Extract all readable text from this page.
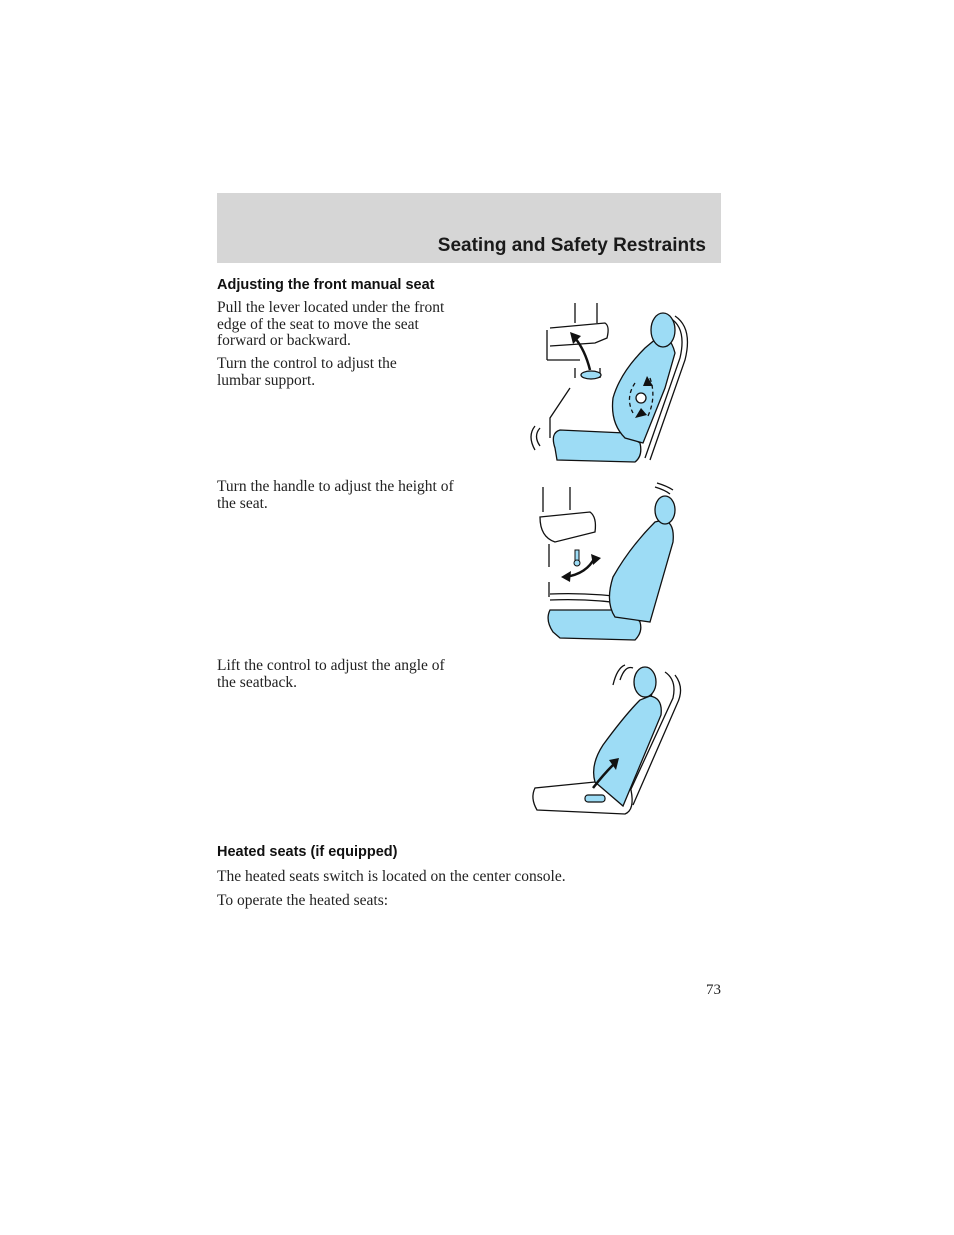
Seating and Safety Restraints
Adjusting the front manual seat

Pull the lever located under the front edge of the seat to move the seat forward or backward.

Turn the control to adjust the lumbar support.

Turn the handle to adjust the height of the seat.

Lift the control to adjust the angle of the seatback.

Heated seats (if equipped)

The heated seats switch is located on the center console.

To operate the heated seats:

73
